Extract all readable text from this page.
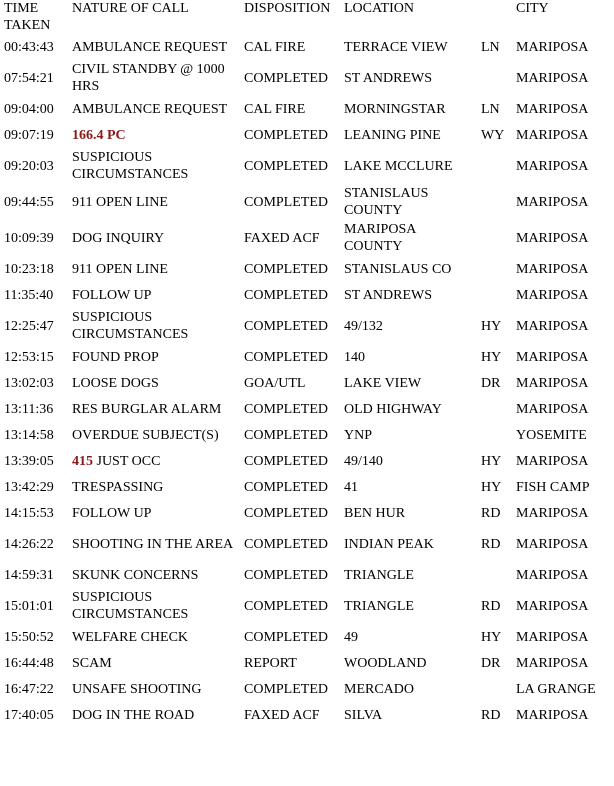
TIME TAKEN	NATURE OF CALL	DISPOSITION	LOCATION		CITY
00:43:43	AMBULANCE REQUEST	CAL FIRE	TERRACE VIEW	LN	MARIPOSA
07:54:21	CIVIL STANDBY @ 1000 HRS	COMPLETED	ST ANDREWS		MARIPOSA
09:04:00	AMBULANCE REQUEST	CAL FIRE	MORNINGSTAR	LN	MARIPOSA
09:07:19	166.4 PC	COMPLETED	LEANING PINE	WY	MARIPOSA
09:20:03	SUSPICIOUS CIRCUMSTANCES	COMPLETED	LAKE MCCLURE		MARIPOSA
09:44:55	911 OPEN LINE	COMPLETED	STANISLAUS COUNTY		MARIPOSA
10:09:39	DOG INQUIRY	FAXED ACF	MARIPOSA COUNTY		MARIPOSA
10:23:18	911 OPEN LINE	COMPLETED	STANISLAUS CO		MARIPOSA
11:35:40	FOLLOW UP	COMPLETED	ST ANDREWS		MARIPOSA
12:25:47	SUSPICIOUS CIRCUMSTANCES	COMPLETED	49/132	HY	MARIPOSA
12:53:15	FOUND PROP	COMPLETED	140	HY	MARIPOSA
13:02:03	LOOSE DOGS	GOA/UTL	LAKE VIEW	DR	MARIPOSA
13:11:36	RES BURGLAR ALARM	COMPLETED	OLD HIGHWAY		MARIPOSA
13:14:58	OVERDUE SUBJECT(S)	COMPLETED	YNP		YOSEMITE
13:39:05	415 JUST OCC	COMPLETED	49/140	HY	MARIPOSA
13:42:29	TRESPASSING	COMPLETED	41	HY	FISH CAMP
14:15:53	FOLLOW UP	COMPLETED	BEN HUR	RD	MARIPOSA
14:26:22	SHOOTING IN THE AREA	COMPLETED	INDIAN PEAK	RD	MARIPOSA
14:59:31	SKUNK CONCERNS	COMPLETED	TRIANGLE		MARIPOSA
15:01:01	SUSPICIOUS CIRCUMSTANCES	COMPLETED	TRIANGLE	RD	MARIPOSA
15:50:52	WELFARE CHECK	COMPLETED	49	HY	MARIPOSA
16:44:48	SCAM	REPORT	WOODLAND	DR	MARIPOSA
16:47:22	UNSAFE SHOOTING	COMPLETED	MERCADO		LA GRANGE
17:40:05	DOG IN THE ROAD	FAXED ACF	SILVA	RD	MARIPOSA
